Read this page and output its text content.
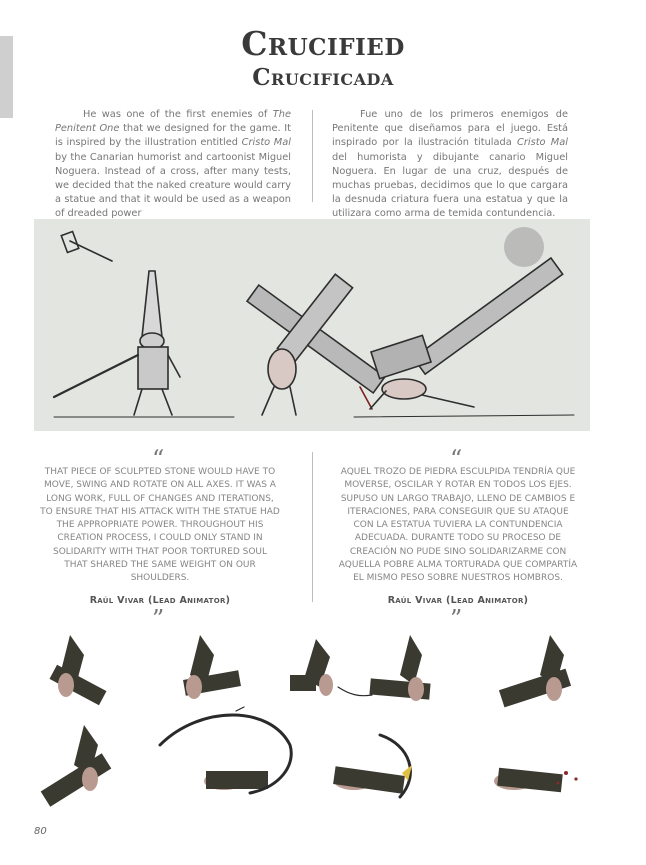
Crucified
Crucificada

He was one of the first enemies of The Penitent One that we designed for the game. It is inspired by the illustration entitled Cristo Mal by the Canarian humorist and cartoonist Miguel Noguera. Instead of a cross, after many tests, we decided that the naked creature would carry a statue and that it would be used as a weapon of dreaded power

Fue uno de los primeros enemigos de Penitente que diseñamos para el juego. Está inspirado por la ilustración titulada Cristo Mal del humorista y dibujante canario Miguel Noguera. En lugar de una cruz, después de muchas pruebas, decidimos que lo que cargara la desnuda criatura fuera una estatua y que la utilizara como arma de temida contundencia.

“

THAT PIECE OF SCULPTED STONE WOULD HAVE TO MOVE, SWING AND ROTATE ON ALL AXES. IT WAS A LONG WORK, FULL OF CHANGES AND ITERATIONS, TO ENSURE THAT HIS ATTACK WITH THE STATUE HAD THE APPROPRIATE POWER. THROUGHOUT HIS CREATION PROCESS, I COULD ONLY STAND IN SOLIDARITY WITH THAT POOR TORTURED SOUL THAT SHARED THE SAME WEIGHT ON OUR SHOULDERS.

Raúl Vivar (Lead Animator)
”
“

AQUEL TROZO DE PIEDRA ESCULPIDA TENDRÍA QUE MOVERSE, OSCILAR Y ROTAR EN TODOS LOS EJES. SUPUSO UN LARGO TRABAJO, LLENO DE CAMBIOS E ITERACIONES, PARA CONSEGUIR QUE SU ATAQUE CON LA ESTATUA TUVIERA LA CONTUNDENCIA ADECUADA. DURANTE TODO SU PROCESO DE CREACIÓN NO PUDE SINO SOLIDARIZARME CON AQUELLA POBRE ALMA TORTURADA QUE COMPARTÍA EL MISMO PESO SOBRE NUESTROS HOMBROS.

Raúl Vivar (Lead Animator)
”
80
